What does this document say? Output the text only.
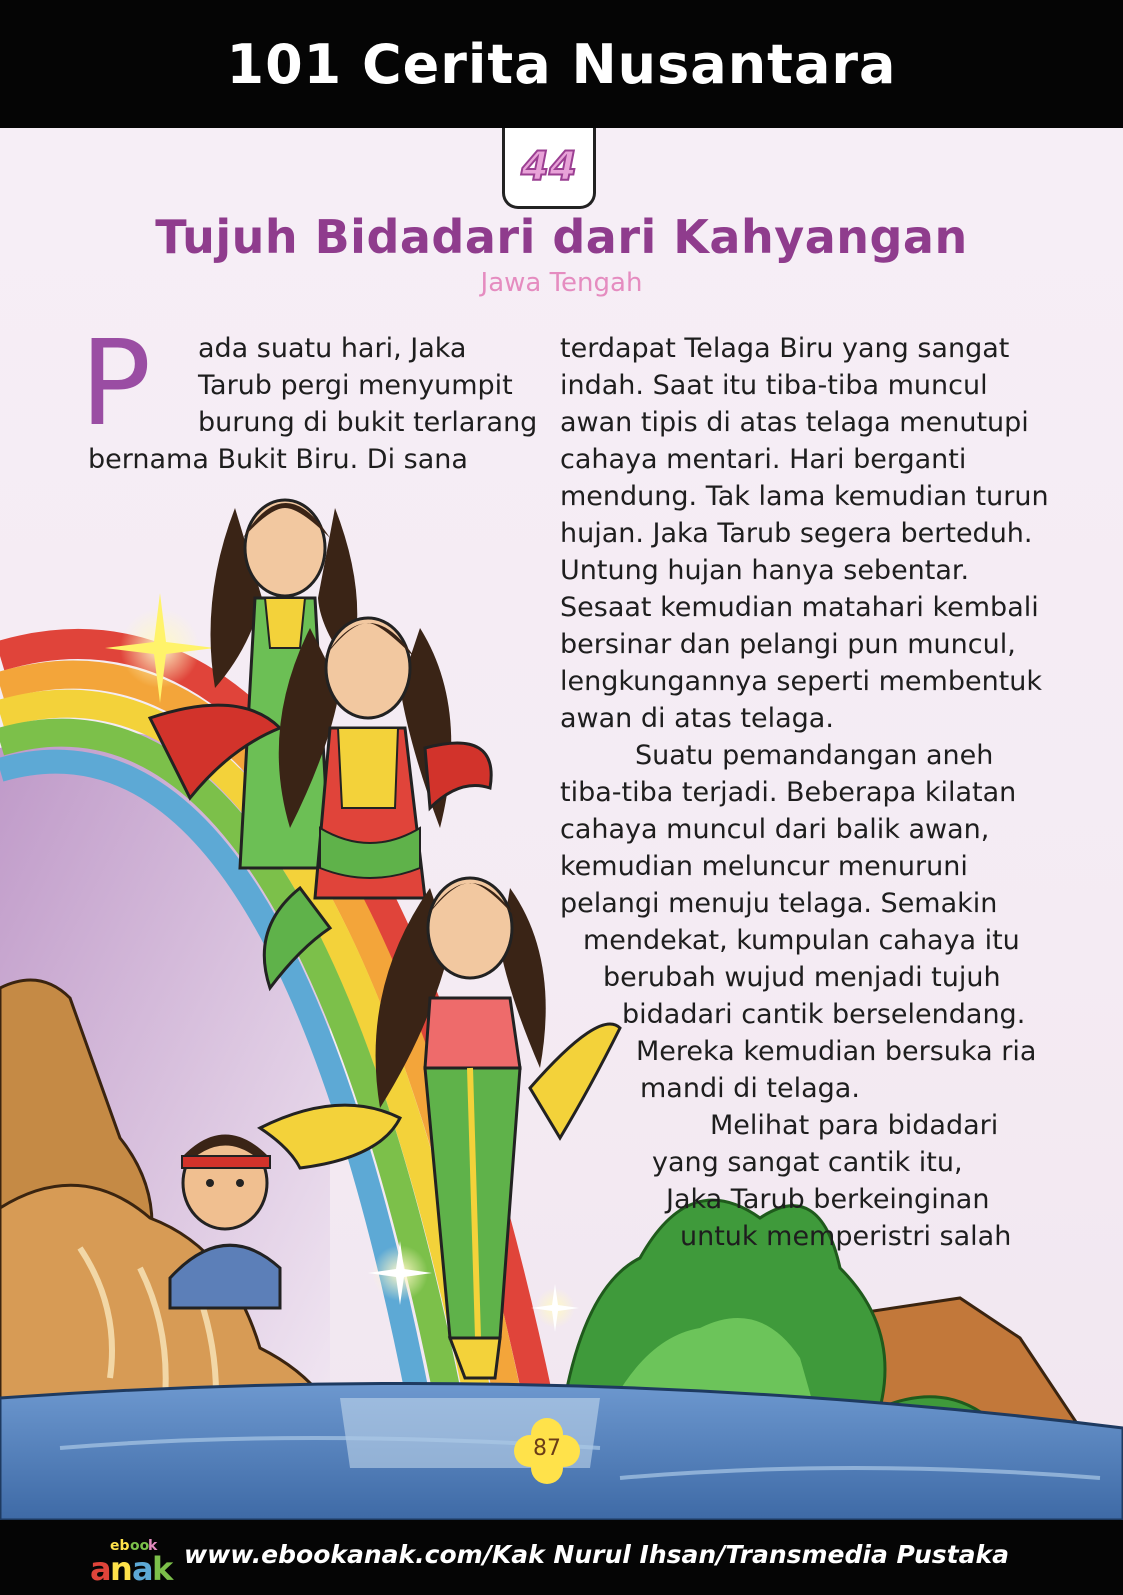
101 Cerita Nusantara
44
Tujuh Bidadari dari Kahyangan
Jawa Tengah
P ada suatu hari, Jaka
Tarub pergi menyumpit
burung di bukit terlarang
bernama Bukit Biru. Di sana
terdapat Telaga Biru yang sangat
indah. Saat itu tiba-tiba muncul
awan tipis di atas telaga menutupi
cahaya mentari. Hari berganti
mendung. Tak lama kemudian turun
hujan. Jaka Tarub segera berteduh.
Untung hujan hanya sebentar.
Sesaat kemudian matahari kembali
bersinar dan pelangi pun muncul,
lengkungannya seperti membentuk
awan di atas telaga.
Suatu pemandangan aneh
tiba-tiba terjadi. Beberapa kilatan
cahaya muncul dari balik awan,
kemudian meluncur menuruni
pelangi menuju telaga. Semakin
mendekat, kumpulan cahaya itu
berubah wujud menjadi tujuh
bidadari cantik berselendang.
Mereka kemudian bersuka ria
mandi di telaga.
Melihat para bidadari
yang sangat cantik itu,
Jaka Tarub berkeinginan
untuk memperistri salah
87
eb oo
k
a
n a
k www.ebookanak.com/Kak Nurul Ihsan/Transmedia Pustaka
